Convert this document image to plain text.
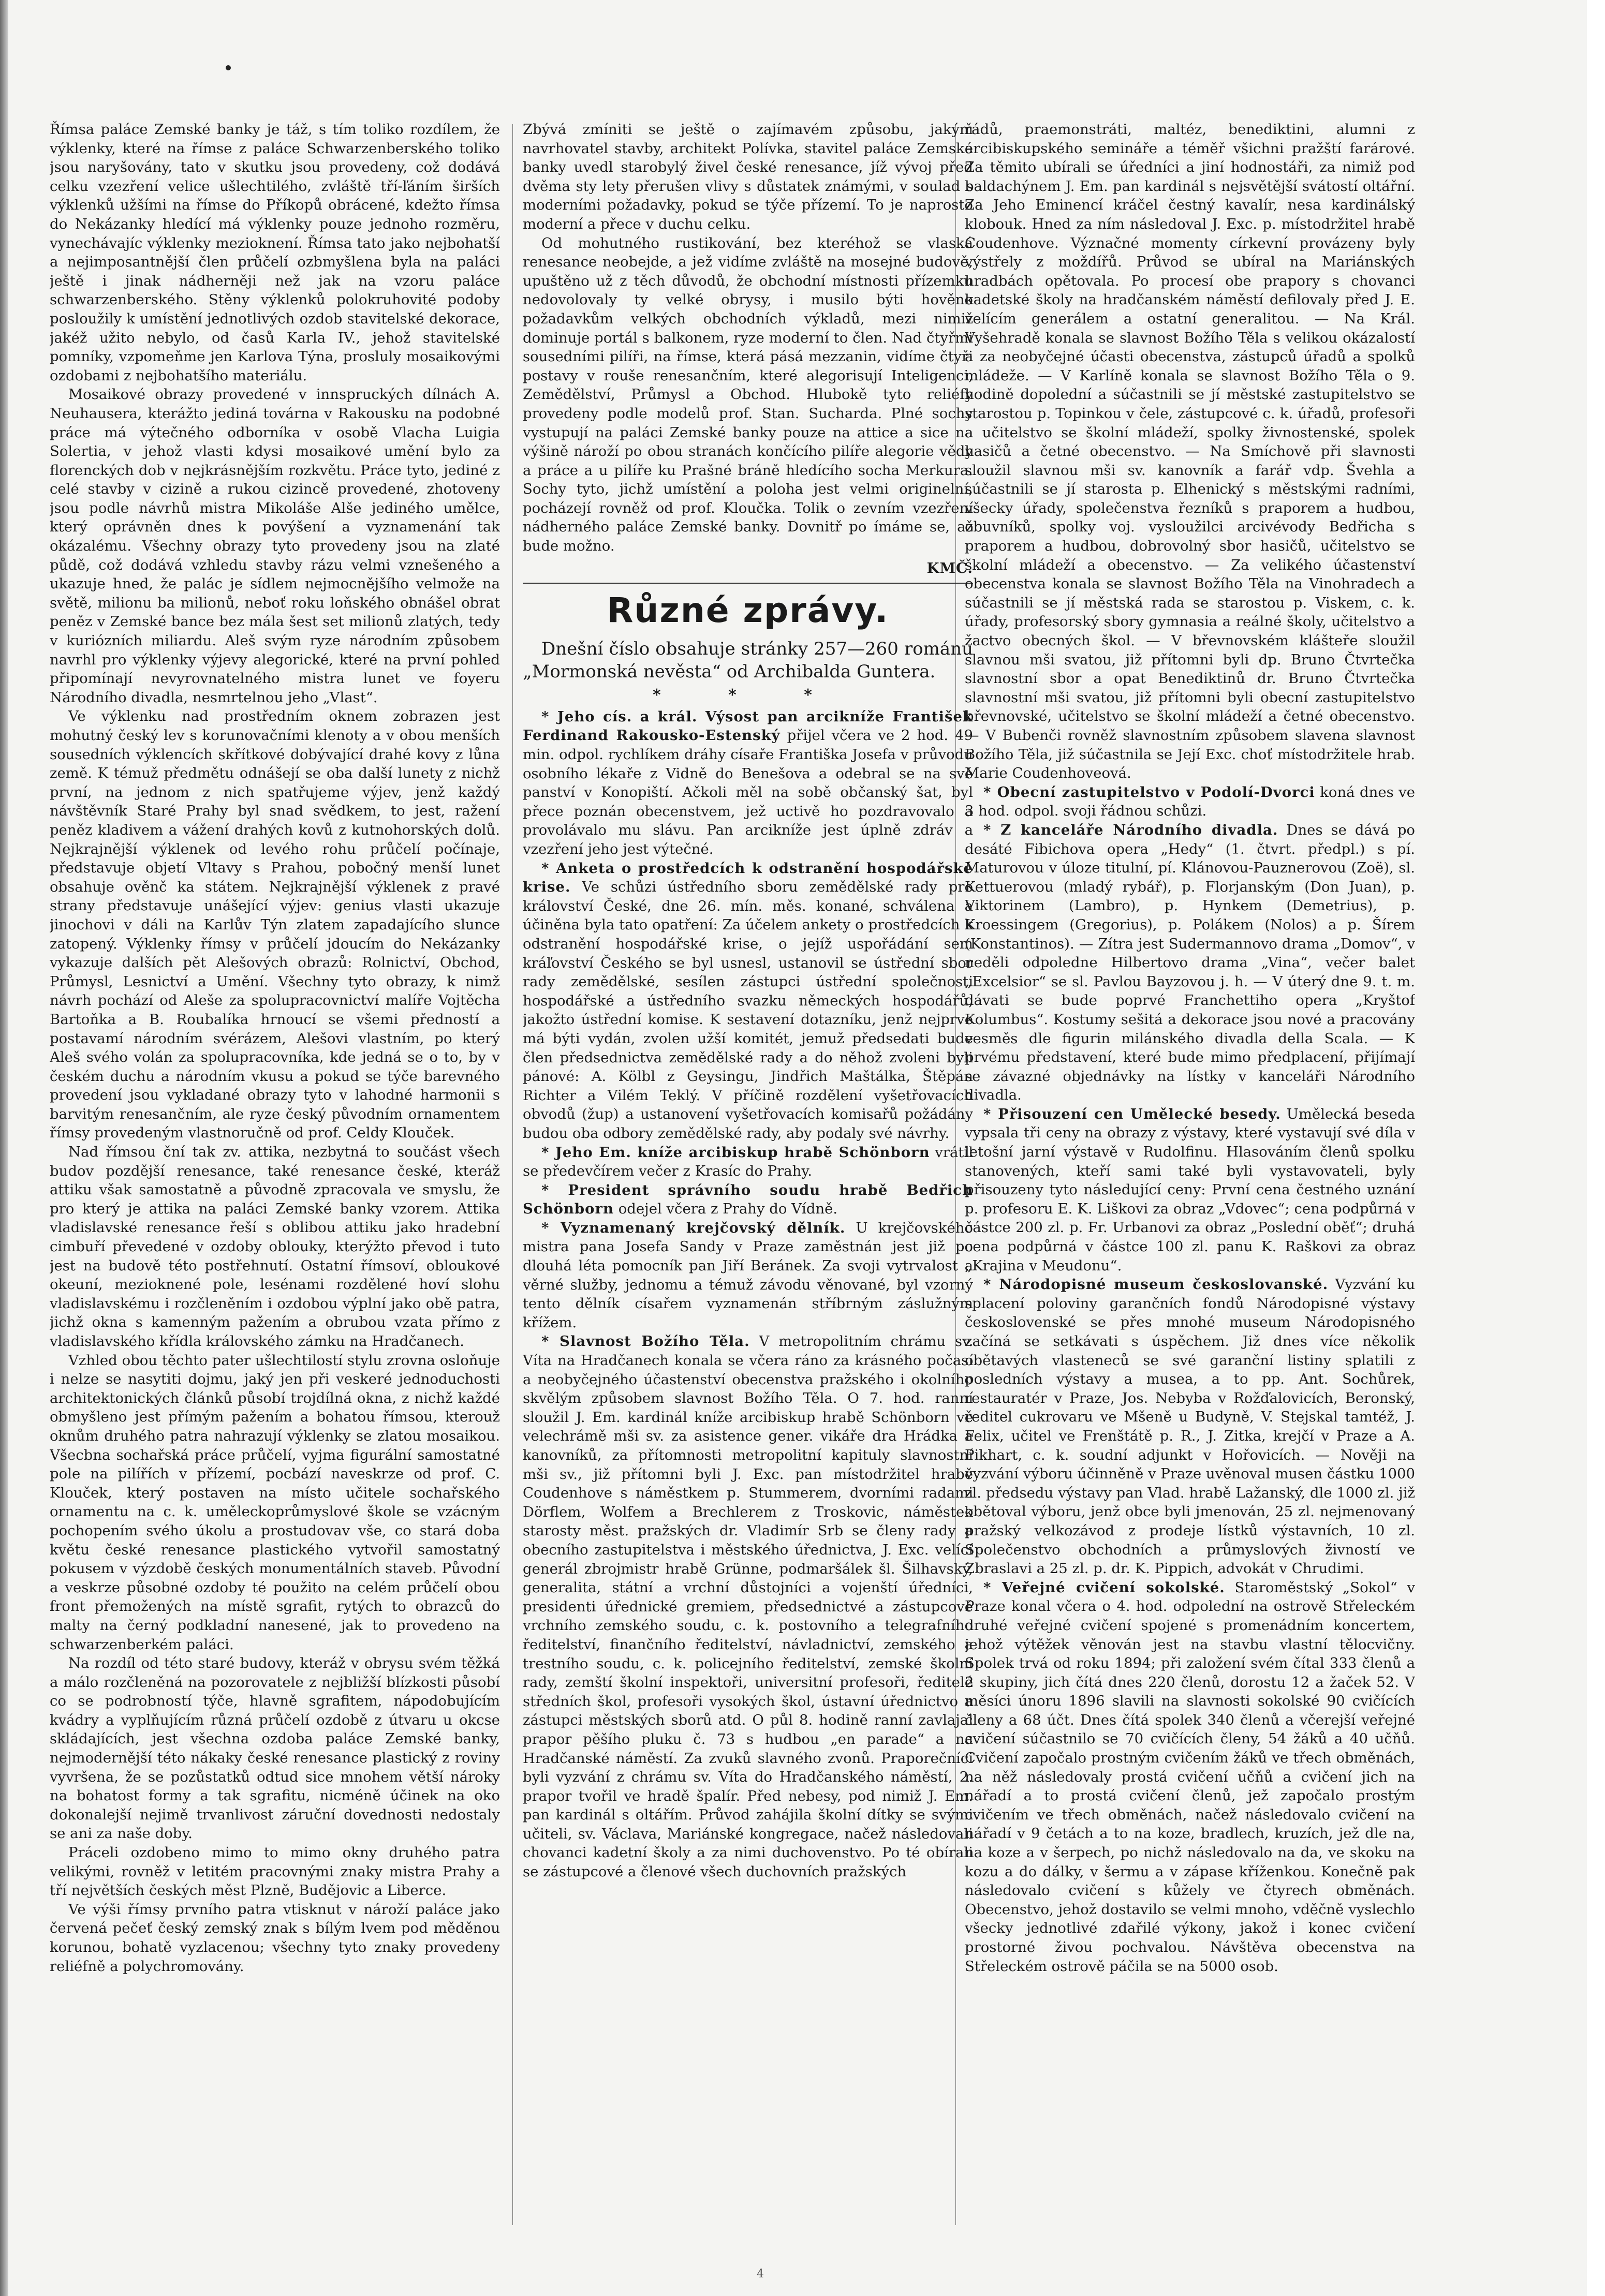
Římsa paláce Zemské banky je táž, s tím toliko rozdílem, že výklenky, které na římse z paláce Schwarzenberského toliko jsou naryšovány, tato v skutku jsou provedeny, což dodává celku vzezření velice ušlechtilého, zvláště tří-ľáním širších výklenků užšími na římse do Příkopů obrácené, kdežto římsa do Nekázanky hledící má výklenky pouze jednoho rozměru, vynechávajíc výklenky mezioknení. Římsa tato jako nejbohatší a nejimposantnější člen průčelí ozbmyšlena byla na paláci ještě i jinak nádherněji než jak na vzoru paláce schwarzenberského. Stěny výklenků polokruhovité podoby posloužily k umístění jednotlivých ozdob stavitelské dekorace, jakéž užito nebylo, od časů Karla IV., jehož stavitelské pomníky, vzpomeňme jen Karlova Týna, prosluly mosaikovými ozdobami z nejbohatšího materiálu.

Mosaikové obrazy provedené v innspruckých dílnách A. Neuhausera, kterážto jediná továrna v Rakousku na podobné práce má výtečného odborníka v osobě Vlacha Luigia Solertia, v jehož vlasti kdysi mosaikové umění bylo za florenckých dob v nejkrásnějším rozkvětu. Práce tyto, jediné z celé stavby v cizině a rukou cizincě provedené, zhotoveny jsou podle návrhů mistra Mikoláše Alše jediného umělce, který oprávněn dnes k povýšení a vyznamenání tak okázalému. Všechny obrazy tyto provedeny jsou na zlaté půdě, což dodává vzhledu stavby rázu velmi vznešeného a ukazuje hned, že palác je sídlem nejmocnějšího velmože na světě, milionu ba milionů, neboť roku loňského obnášel obrat peněz v Zemské bance bez mála šest set milionů zlatých, tedy v kuriózních miliardu. Aleš svým ryze národním způsobem navrhl pro výklenky výjevy alegorické, které na první pohled připomínají nevyrovnatelného mistra lunet ve foyeru Národního divadla, nesmrtelnou jeho „Vlast“.

Ve výklenku nad prostředním oknem zobrazen jest mohutný český lev s korunovačními klenoty a v obou menších sousedních výklencích skřítkové dobývající drahé kovy z lůna země. K témuž předmětu odnášejí se oba další lunety z nichž první, na jednom z nich spatřujeme výjev, jenž každý návštěvník Staré Prahy byl snad svědkem, to jest, ražení peněz kladivem a vážení drahých kovů z kutnohorských dolů. Nejkrajnější výklenek od levého rohu průčelí počínaje, představuje objetí Vltavy s Prahou, pobočný menší lunet obsahuje ověnč ka státem. Nejkrajnější výklenek z pravé strany představuje unášející výjev: genius vlasti ukazuje jinochovi v dáli na Karlův Týn zlatem zapadajícího slunce zatopený. Výklenky římsy v průčelí jdoucím do Nekázanky vykazuje dalších pět Alešových obrazů: Rolnictví, Obchod, Průmysl, Lesnictví a Umění. Všechny tyto obrazy, k nimž návrh pochází od Aleše za spolupracovnictví malíře Vojtěcha Bartoňka a B. Roubalíka hrnoucí se všemi předností a postavamí národním svérázem, Alešovi vlastním, po který Aleš svého volán za spolupracovníka, kde jedná se o to, by v českém duchu a národním vkusu a pokud se týče barevného provedení jsou vykladané obrazy tyto v lahodné harmonii s barvitým renesančním, ale ryze český původním ornamentem římsy provedeným vlastnoručně od prof. Celdy Klouček.

Nad římsou ční tak zv. attika, nezbytná to součást všech budov pozdější renesance, také renesance české, kteráž attiku však samostatně a původně zpracovala ve smyslu, že pro který je attika na paláci Zemské banky vzorem. Attika vladislavské renesance řeší s oblibou attiku jako hradební cimbuří převedené v ozdoby oblouky, kterýžto převod i tuto jest na budově této postřehnutí. Ostatní římsoví, obloukové okeuní, mezioknené pole, lesénami rozdělené hoví slohu vladislavskému i rozčleněním i ozdobou výplní jako obě patra, jichž okna s kamenným pažením a obrubou vzata přímo z vladislavského křídla královského zámku na Hradčanech.

Vzhled obou těchto pater ušlechtilostí stylu zrovna osloňuje i nelze se nasytiti dojmu, jaký jen při veskeré jednoduchosti architektonických článků působí trojdílná okna, z nichž každé obmyšleno jest přímým pažením a bohatou římsou, kterouž oknům druhého patra nahrazují výklenky se zlatou mosaikou. Všecbna sochařská práce průčelí, vyjma figurální samostatné pole na pilířích v přízemí, pocbází naveskrze od prof. C. Klouček, který postaven na místo učitele sochařského ornamentu na c. k. uměleckoprůmyslové škole se vzácným pochopením svého úkolu a prostudovav vše, co stará doba květu české renesance plastického vytvořil samostatný pokusem v výzdobě českých monumentálních staveb. Původní a veskrze působné ozdoby té použito na celém průčelí obou front přemožených na místě sgrafit, rytých to obrazců do malty na černý podkladní nanesené, jak to provedeno na schwarzenberkém paláci.

Na rozdíl od této staré budovy, kteráž v obrysu svém těžká a málo rozčleněná na pozorovatele z nejbližší blízkosti působí co se podrobností týče, hlavně sgrafitem, nápodobujícím kvádry a vyplňujícím různá průčelí ozdobě z útvaru u okcse skládajících, jest všechna ozdoba paláce Zemské banky, nejmodernější této nákaky české renesance plastický z roviny vyvršena, že se pozůstatků odtud sice mnohem větší nároky na bohatost formy a tak sgrafitu, nicméně účinek na oko dokonalejší nejimě trvanlivost záruční dovednosti nedostaly se ani za naše doby.

Práceli ozdobeno mimo to mimo okny druhého patra velikými, rovněž v letitém pracovnými znaky mistra Prahy a tří největších českých měst Plzně, Budějovic a Liberce.

Ve výši římsy prvního patra vtisknut v nároží paláce jako červená pečeť český zemský znak s bílým lvem pod měděnou korunou, bohatě vyzlacenou; všechny tyto znaky provedeny reliéfně a polychromovány.

Zbývá zmíniti se ještě o zajímavém způsobu, jakým navrhovatel stavby, architekt Polívka, stavitel paláce Zemské banky uvedl starobylý živel české renesance, jíž vývoj před dvěma sty lety přerušen vlivy s důstatek známými, v soulad s moderními požadavky, pokud se týče přízemí. To je naprosto moderní a přece v duchu celku.

Od mohutného rustikování, bez kteréhož se vlaská renesance neobejde, a jež vidíme zvláště na mosejné budově, upuštěno už z těch důvodů, že obchodní místnosti přízemku nedovolovaly ty velké obrysy, i musilo býti hověno požadavkům velkých obchodních výkladů, mezi nimiž dominuje portál s balkonem, ryze moderní to člen. Nad čtyřmi sousedními pilíři, na římse, která pásá mezzanin, vidíme čtyři postavy v rouše renesančním, které alegorisují Inteligenci, Zemědělství, Průmysl a Obchod. Hlubokě tyto reliéfy provedeny podle modelů prof. Stan. Sucharda. Plné sochy vystupují na paláci Zemské banky pouze na attice a sice na výšině nároží po obou stranách končícího pilíře alegorie vědy a práce a u pilíře ku Prašné bráně hledícího socha Merkura. Sochy tyto, jichž umístění a poloha jest velmi originelní, pocházejí rovněž od prof. Kloučka. Tolik o zevním vzezření nádherného paláce Zemské banky. Dovnitř po ímáme se, až bude možno.

KMČ.
Různé zprávy.

Dnešní číslo obsahuje stránky 257—260 románu „Mormonská nevěsta“ od Archibalda Guntera.

* * *

* Jeho cís. a král. Výsost pan arcikníže František Ferdinand Rakousko-Estenský přijel včera ve 2 hod. 49 min. odpol. rychlíkem dráhy císaře Františka Josefa v průvodu osobního lékaře z Vidně do Benešova a odebral se na své panství v Konopiští. Ačkoli měl na sobě občanský šat, byl přece poznán obecenstvem, jež uctivě ho pozdravovalo a provolávalo mu slávu. Pan arcikníže jest úplně zdráv a vzezření jeho jest výtečné.

* Anketa o prostředcích k odstranění hospodářské krise. Ve schůzi ústředního sboru zemědělské rady pro království České, dne 26. mín. měs. konané, schválena a účiněna byla tato opatření: Za účelem ankety o prostředcích k odstranění hospodářské krise, o jejíž uspořádání sem kráľovství Českého se byl usnesl, ustanovil se ústřední sbor rady zemědělské, sesílen zástupci ústřední společnosti hospodářské a ústředního svazku německých hospodářů, jakožto ústřední komise. K sestavení dotazníku, jenž nejprve má býti vydán, zvolen užší komitét, jemuž předsedati bude člen předsednictva zemědělské rady a do něhož zvoleni byli pánové: A. Kölbl z Geysingu, Jindřich Maštálka, Štěpán Richter a Vilém Teklý. V příčině rozdělení vyšetřovacích obvodů (žup) a ustanovení vyšetřovacích komisařů požádány budou oba odbory zemědělské rady, aby podaly své návrhy.

* Jeho Em. kníže arcibiskup hrabě Schönborn vrátil se předevčírem večer z Krasíc do Prahy.

* President správního soudu hrabě Bedřich Schönborn odejel včera z Prahy do Vídně.

* Vyznamenaný krejčovský dělník. U krejčovského mistra pana Josefa Sandy v Praze zaměstnán jest již po dlouhá léta pomocník pan Jiří Beránek. Za svoji vytrvalost a věrné služby, jednomu a témuž závodu věnované, byl vzorný tento dělník císařem vyznamenán stříbrným záslužným křížem.

* Slavnost Božího Těla. V metropolitním chrámu sv. Víta na Hradčanech konala se včera ráno za krásného počasí a neobyčejného účastenství obecenstva pražského i okolního skvělým způsobem slavnost Božího Těla. O 7. hod. ranní sloužil J. Em. kardinál kníže arcibiskup hrabě Schönborn ve velechrámě mši sv. za asistence gener. vikáře dra Hrádka a kanovníků, za přítomnosti metropolitní kapituly slavnostní mši sv., již přítomni byli J. Exc. pan místodržitel hrabě Coudenhove s náměstkem p. Stummerem, dvorními radami Dörflem, Wolfem a Brechlerem z Troskovic, náměstek starosty měst. pražských dr. Vladimír Srb se členy rady a obecního zastupitelstva i městského úřednictva, J. Exc. velící generál zbrojmistr hrabě Grünne, podmaršálek šl. Šilhavský, generalita, státní a vrchní důstojníci a vojenští úředníci, presidenti úřednické gremiem, předsednictvé a zástupcové vrchního zemského soudu, c. k. postovního a telegrafního ředitelství, finančního ředitelství, návladnictví, zemského a trestního soudu, c. k. policejního ředitelství, zemské školní rady, zemští školní inspektoři, universitní profesoři, ředitelé středních škol, profesoři vysokých škol, ústavní úřednictvo a zástupci městských sborů atd. O půl 8. hodině ranní zavlajal prapor pěšího pluku č. 73 s hudbou „en parade“ a na Hradčanské náměstí. Za zvuků slavného zvonů. Praporečníci byli vyzvání z chrámu sv. Víta do Hradčanského náměstí, 2. prapor tvořil ve hradě špalír. Před nebesy, pod nimiž J. Em. pan kardinál s oltářím. Průvod zahájila školní dítky se svými učiteli, sv. Václava, Mariánské kongregace, načež následovali chovanci kadetní školy a za nimi duchovenstvo. Po té obírali se zástupcové a členové všech duchovních pražských

řádů, praemonstráti, maltéz, benediktini, alumni z arcibiskupského semináře a téměř všichni pražští farárové. Za těmito ubírali se úředníci a jiní hodnostáři, za nimiž pod baldachýnem J. Em. pan kardinál s nejsvětější svátostí oltářní. Za Jeho Eminencí kráčel čestný kavalír, nesa kardinálský klobouk. Hned za ním následoval J. Exc. p. místodržitel hrabě Coudenhove. Význačné momenty církevní provázeny byly výstřely z moždířů. Průvod se ubíral na Mariánských hradbách opětovala. Po procesí obe prapory s chovanci kadetské školy na hradčanském náměstí defilovaly před J. E. velícím generálem a ostatní generalitou. — Na Král. Vyšehradě konala se slavnost Božího Těla s velikou okázalostí a za neobyčejné účasti obecenstva, zástupců úřadů a spolků mládeže. — V Karlíně konala se slavnost Božího Těla o 9. hodině dopolední a súčastnili se jí městské zastupitelstvo se starostou p. Topinkou v čele, zástupcové c. k. úřadů, profesoři a učitelstvo se školní mládeží, spolky živnostenské, spolek hasičů a četné obecenstvo. — Na Smíchově při slavnosti sloužil slavnou mši sv. kanovník a farář vdp. Švehla a súčastnili se jí starosta p. Elhenický s městskými radními, všecky úřady, společenstva řezníků s praporem a hudbou, obuvníků, spolky voj. vysloužilci arcivévody Bedřicha s praporem a hudbou, dobrovolný sbor hasičů, učitelstvo se školní mládeží a obecenstvo. — Za velikého účastenství obecenstva konala se slavnost Božího Těla na Vinohradech a súčastnili se jí městská rada se starostou p. Viskem, c. k. úřady, profesorský sbory gymnasia a reálné školy, učitelstvo a žactvo obecných škol. — V břevnovském klášteře sloužil slavnou mši svatou, již přítomni byli dp. Bruno Čtvrtečka slavnostní sbor a opat Benediktinů dr. Bruno Čtvrtečka slavnostní mši svatou, již přítomni byli obecní zastupitelstvo břevnovské, učitelstvo se školní mládeží a četné obecenstvo. — V Bubenči rovněž slavnostním způsobem slavena slavnost Božího Těla, již súčastnila se Její Exc. choť místodržitele hrab. Marie Coudenhoveová.

* Obecní zastupitelstvo v Podolí-Dvorci koná dnes ve 3 hod. odpol. svoji řádnou schůzi.

* Z kanceláře Národního divadla. Dnes se dává po desáté Fibichova opera „Hedy“ (1. čtvrt. předpl.) s pí. Maturovou v úloze titulní, pí. Klánovou-Pauznerovou (Zoë), sl. Kettuerovou (mladý rybář), p. Florjanským (Don Juan), p. Viktorinem (Lambro), p. Hynkem (Demetrius), p. Kroessingem (Gregorius), p. Polákem (Nolos) a p. Šírem (Konstantinos). — Zítra jest Sudermannovo drama „Domov“, v neděli odpoledne Hilbertovo drama „Vina“, večer balet „Excelsior“ se sl. Pavlou Bayzovou j. h. — V úterý dne 9. t. m. dávati se bude poprvé Franchettiho opera „Kryštof Kolumbus“. Kostumy sešitá a dekorace jsou nové a pracovány vesměs dle figurin milánského divadla della Scala. — K prvému představení, které bude mimo předplacení, přijímají se závazné objednávky na lístky v kanceláři Národního divadla.

* Přisouzení cen Umělecké besedy. Umělecká beseda vypsala tři ceny na obrazy z výstavy, které vystavují své díla v letošní jarní výstavě v Rudolfinu. Hlasováním členů spolku stanovených, kteří sami také byli vystavovateli, byly přisouzeny tyto následující ceny: První cena čestného uznání p. profesoru E. K. Liškovi za obraz „Vdovec“; cena podpůrná v částce 200 zl. p. Fr. Urbanovi za obraz „Poslední oběť“; druhá cena podpůrná v částce 100 zl. panu K. Raškovi za obraz „Krajina v Meudonu“.

* Národopisné museum českoslovanské. Vyzvání ku splacení poloviny garančních fondů Národopisné výstavy československé se přes mnohé museum Národopisného začíná se setkávati s úspěchem. Již dnes více několik obětavých vlasteneců se své garanční listiny splatili z posledních výstavy a musea, a to pp. Ant. Sochůrek, restauratér v Praze, Jos. Nebyba v Rožďalovicích, Beronský, ředitel cukrovaru ve Mšeně u Budyně, V. Stejskal tamtéž, J. Felix, učitel ve Frenštátě p. R., J. Zitka, krejčí v Praze a A. Pikhart, c. k. soudní adjunkt v Hořovicích. — Nověji na vyzvání výboru účinněně v Praze uvěnoval musen částku 1000 zl. předsedu výstavy pan Vlad. hrabě Lažanský, dle 1000 zl. již obětoval výboru, jenž obce byli jmenován, 25 zl. nejmenovaný pražský velkozávod z prodeje lístků výstavních, 10 zl. Společenstvo obchodních a průmyslových živností ve Zbraslavi a 25 zl. p. dr. K. Pippich, advokát v Chrudimi.

* Veřejné cvičení sokolské. Staroměstský „Sokol“ v Praze konal včera o 4. hod. odpolední na ostrově Střeleckém druhé veřejné cvičení spojené s promenádním koncertem, jehož výtěžek věnován jest na stavbu vlastní tělocvičny. Spolek trvá od roku 1894; při založení svém čítal 333 členů a 2 skupiny, jich čítá dnes 220 členů, dorostu 12 a žaček 52. V měsíci únoru 1896 slavili na slavnosti sokolské 90 cvičících členy a 68 účt. Dnes čítá spolek 340 členů a včerejší veřejné cvičení súčastnilo se 70 cvičících členy, 54 žáků a 40 učňů. Cvičení započalo prostným cvičením žáků ve třech obměnách, na něž následovaly prostá cvičení učňů a cvičení jich na nářadí a to prostá cvičení členů, jež započalo prostým cvičením ve třech obměnách, načež následovalo cvičení na nářadí v 9 četách a to na koze, bradlech, kruzích, jež dle na, na koze a v šerpech, po nichž následovalo na da, ve skoku na kozu a do dálky, v šermu a v zápase kříženkou. Konečně pak následovalo cvičení s kůžely ve čtyrech obměnách. Obecenstvo, jehož dostavilo se velmi mnoho, vděčně vyslechlo všecky jednotlivé zdařilé výkony, jakož i konec cvičení prostorné živou pochvalou. Návštěva obecenstva na Střeleckém ostrově páčila se na 5000 osob.

4
